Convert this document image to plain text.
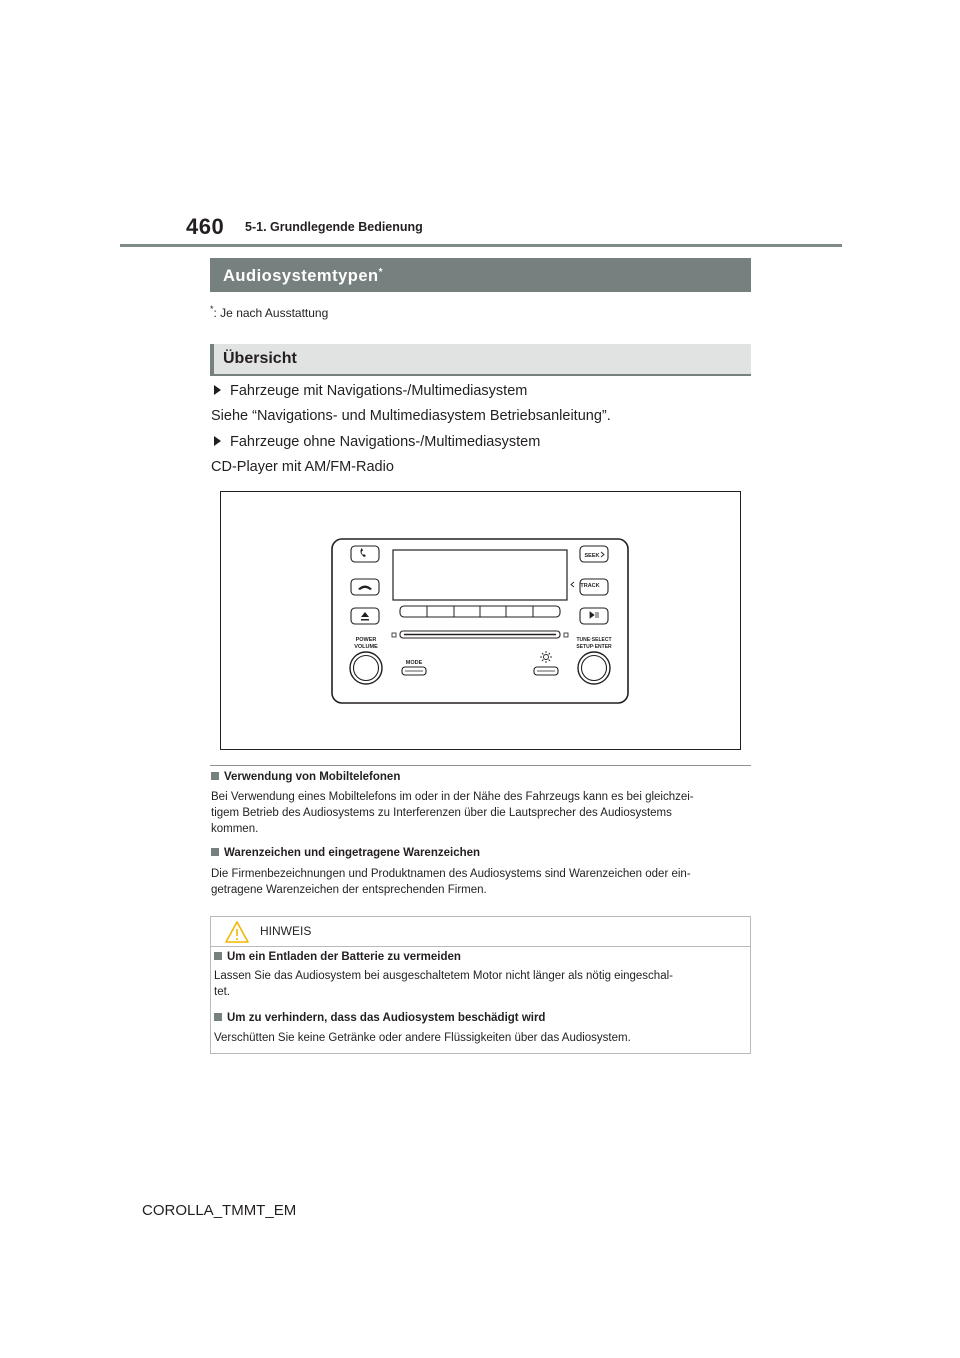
460 5-1. Grundlegende Bedienung
Audiosystemtypen*
*: Je nach Ausstattung
Übersicht
Fahrzeuge mit Navigations-/Multimediasystem
Siehe “Navigations- und Multimediasystem Betriebsanleitung”.
Fahrzeuge ohne Navigations-/Multimediasystem
CD-Player mit AM/FM-Radio
POWER
VOLUME
MODE
SEEK
TRACK
TUNE·SELECT
SETUP·ENTER
Verwendung von Mobiltelefonen
Bei Verwendung eines Mobiltelefons im oder in der Nähe des Fahrzeugs kann es bei gleichzei-
tigem Betrieb des Audiosystems zu Interferenzen über die Lautsprecher des Audiosystems
kommen.
Warenzeichen und eingetragene Warenzeichen
Die Firmenbezeichnungen und Produktnamen des Audiosystems sind Warenzeichen oder ein-
getragene Warenzeichen der entsprechenden Firmen.
HINWEIS
Um ein Entladen der Batterie zu vermeiden
Lassen Sie das Audiosystem bei ausgeschaltetem Motor nicht länger als nötig eingeschal-
tet.
Um zu verhindern, dass das Audiosystem beschädigt wird
Verschütten Sie keine Getränke oder andere Flüssigkeiten über das Audiosystem.
COROLLA_TMMT_EM
